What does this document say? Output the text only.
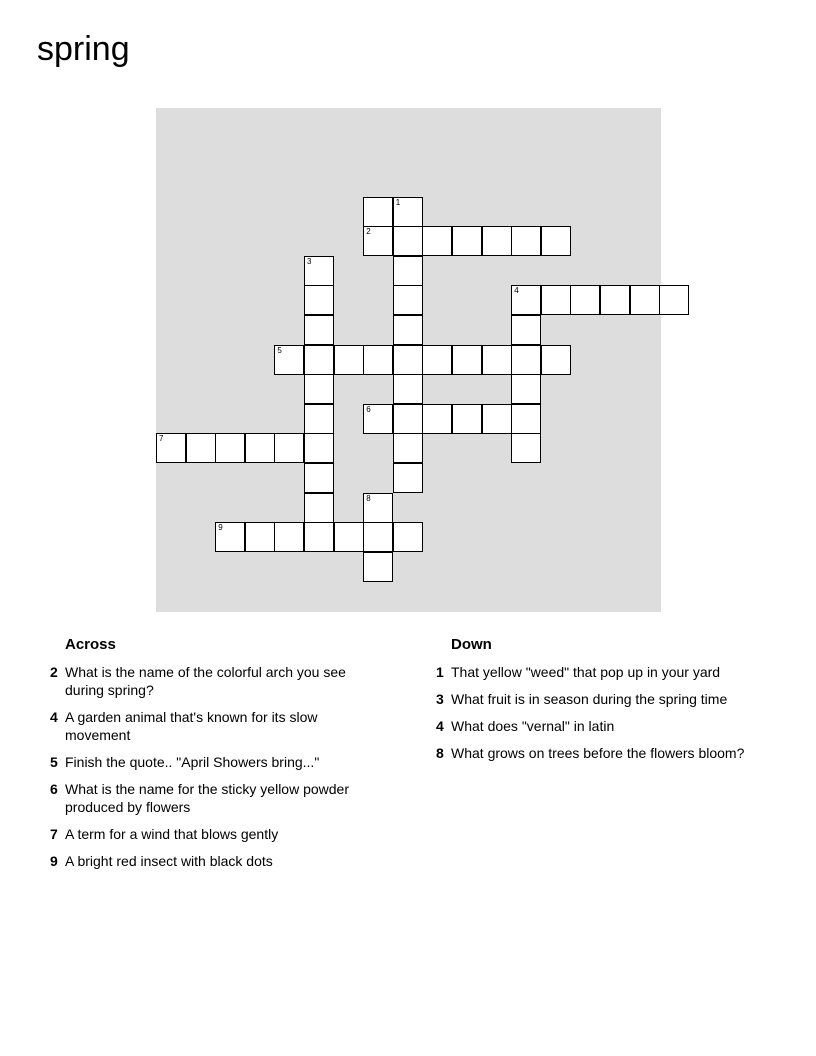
spring
1
2
3
4
5
6
7
8
9
Across
2 What is the name of the colorful arch you see during spring?
4 A garden animal that's known for its slow movement
5 Finish the quote.. "April Showers bring..."
6 What is the name for the sticky yellow powder produced by flowers
7 A term for a wind that blows gently
9 A bright red insect with black dots
Down
1 That yellow "weed" that pop up in your yard
3 What fruit is in season during the spring time
4 What does "vernal" in latin
8 What grows on trees before the flowers bloom?
